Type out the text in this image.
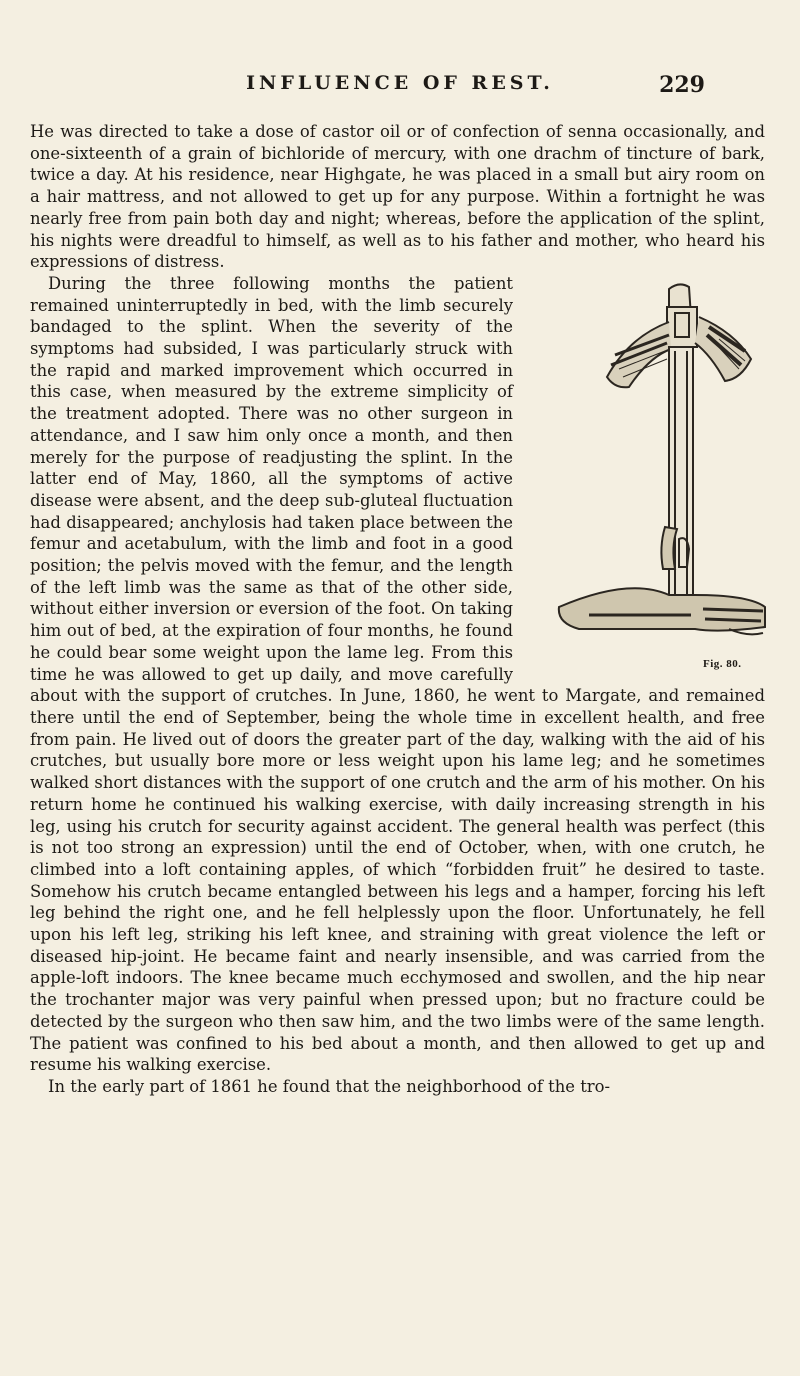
INFLUENCE OF REST.	229

He was directed to take a dose of castor oil or of confection of senna occasionally, and one-sixteenth of a grain of bichloride of mercury, with one drachm of tincture of bark, twice a day. At his residence, near Highgate, he was placed in a small but airy room on a hair mattress, and not allowed to get up for any purpose. Within a fortnight he was nearly free from pain both day and night; whereas, before the application of the splint, his nights were dreadful to himself, as well as to his father and mother, who heard his expressions of distress.

Fig. 80.

During the three following months the patient remained uninterruptedly in bed, with the limb securely bandaged to the splint. When the severity of the symptoms had subsided, I was particularly struck with the rapid and marked improvement which occurred in this case, when measured by the extreme simplicity of the treatment adopted. There was no other surgeon in attendance, and I saw him only once a month, and then merely for the purpose of readjusting the splint. In the latter end of May, 1860, all the symptoms of active disease were absent, and the deep sub-gluteal fluctuation had disappeared; anchylosis had taken place between the femur and acetabulum, with the limb and foot in a good position; the pelvis moved with the femur, and the length of the left limb was the same as that of the other side, without either inversion or eversion of the foot. On taking him out of bed, at the expiration of four months, he found he could bear some weight upon the lame leg. From this time he was allowed to get up daily, and move carefully about with the support of crutches. In June, 1860, he went to Margate, and remained there until the end of September, being the whole time in excellent health, and free from pain. He lived out of doors the greater part of the day, walking with the aid of his crutches, but usually bore more or less weight upon his lame leg; and he sometimes walked short distances with the support of one crutch and the arm of his mother. On his return home he continued his walking exercise, with daily increasing strength in his leg, using his crutch for security against accident. The general health was perfect (this is not too strong an expression) until the end of October, when, with one crutch, he climbed into a loft containing apples, of which “forbidden fruit” he desired to taste. Somehow his crutch became entangled between his legs and a hamper, forcing his left leg behind the right one, and he fell helplessly upon the floor. Unfortunately, he fell upon his left leg, striking his left knee, and straining with great violence the left or diseased hip-joint. He became faint and nearly insensible, and was carried from the apple-loft indoors. The knee became much ecchymosed and swollen, and the hip near the trochanter major was very painful when pressed upon; but no fracture could be detected by the surgeon who then saw him, and the two limbs were of the same length. The patient was confined to his bed about a month, and then allowed to get up and resume his walking exercise.

In the early part of 1861 he found that the neighborhood of the tro-
